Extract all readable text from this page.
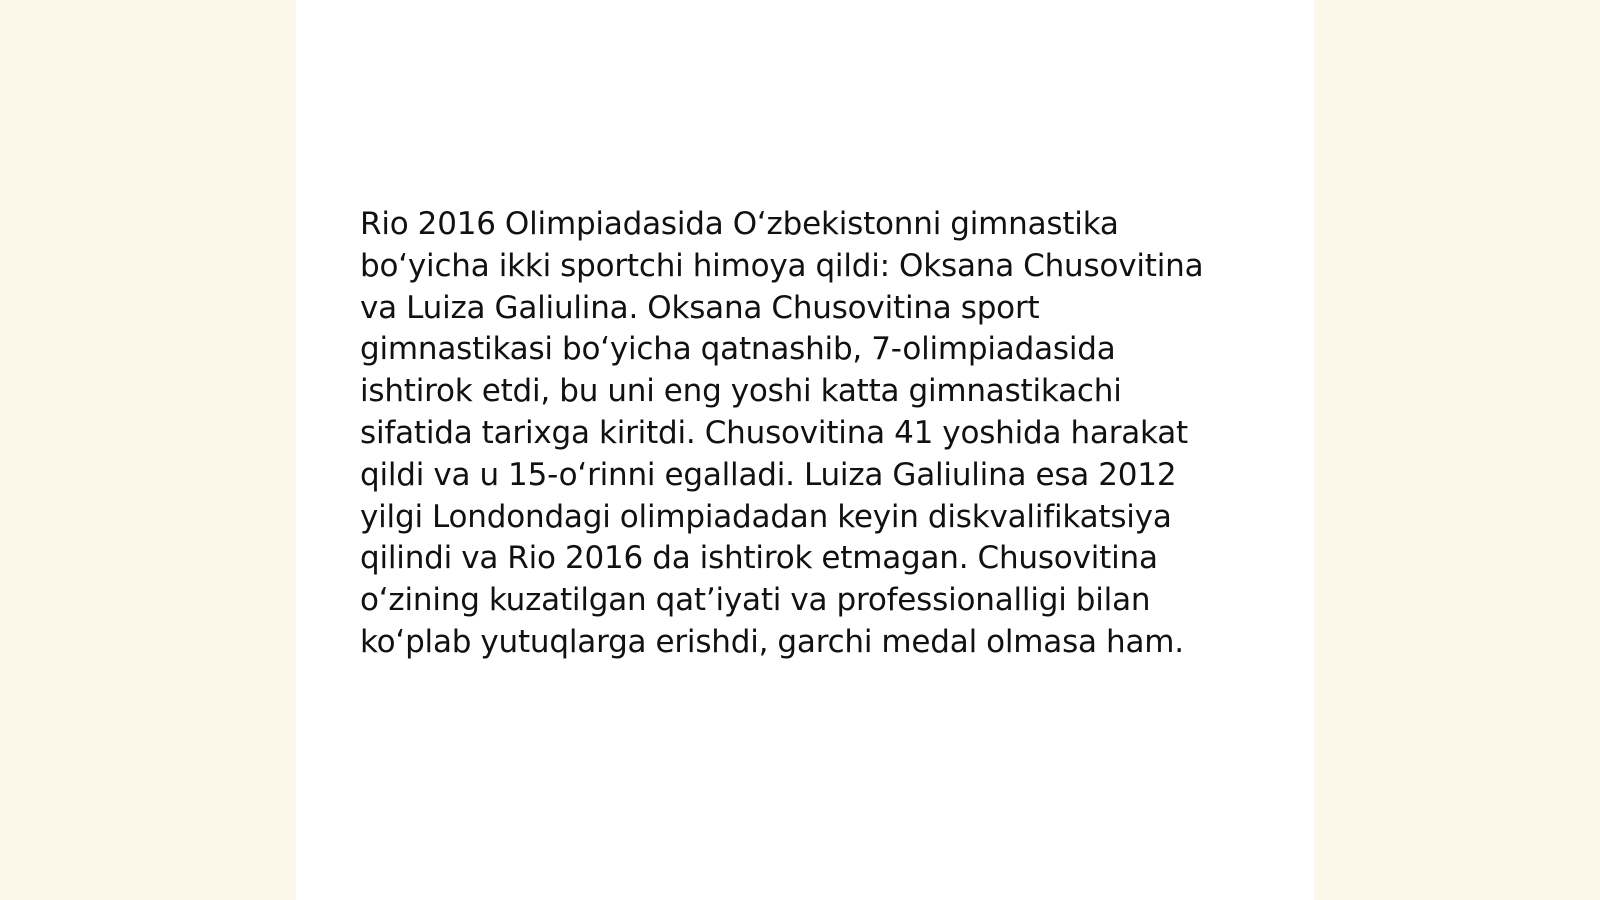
Rio 2016 Olimpiadasida O‘zbekistonni gimnastika bo‘yicha ikki sportchi himoya qildi: Oksana Chusovitina va Luiza Galiulina. Oksana Chusovitina sport gimnastikasi bo‘yicha qatnashib, 7-olimpiadasida ishtirok etdi, bu uni eng yoshi katta gimnastikachi sifatida tarixga kiritdi. Chusovitina 41 yoshida harakat qildi va u 15-o‘rinni egalladi. Luiza Galiulina esa 2012 yilgi Londondagi olimpiadadan keyin diskvalifikatsiya qilindi va Rio 2016 da ishtirok etmagan. Chusovitina o‘zining kuzatilgan qat’iyati va professionalligi bilan ko‘plab yutuqlarga erishdi, garchi medal olmasa ham.
